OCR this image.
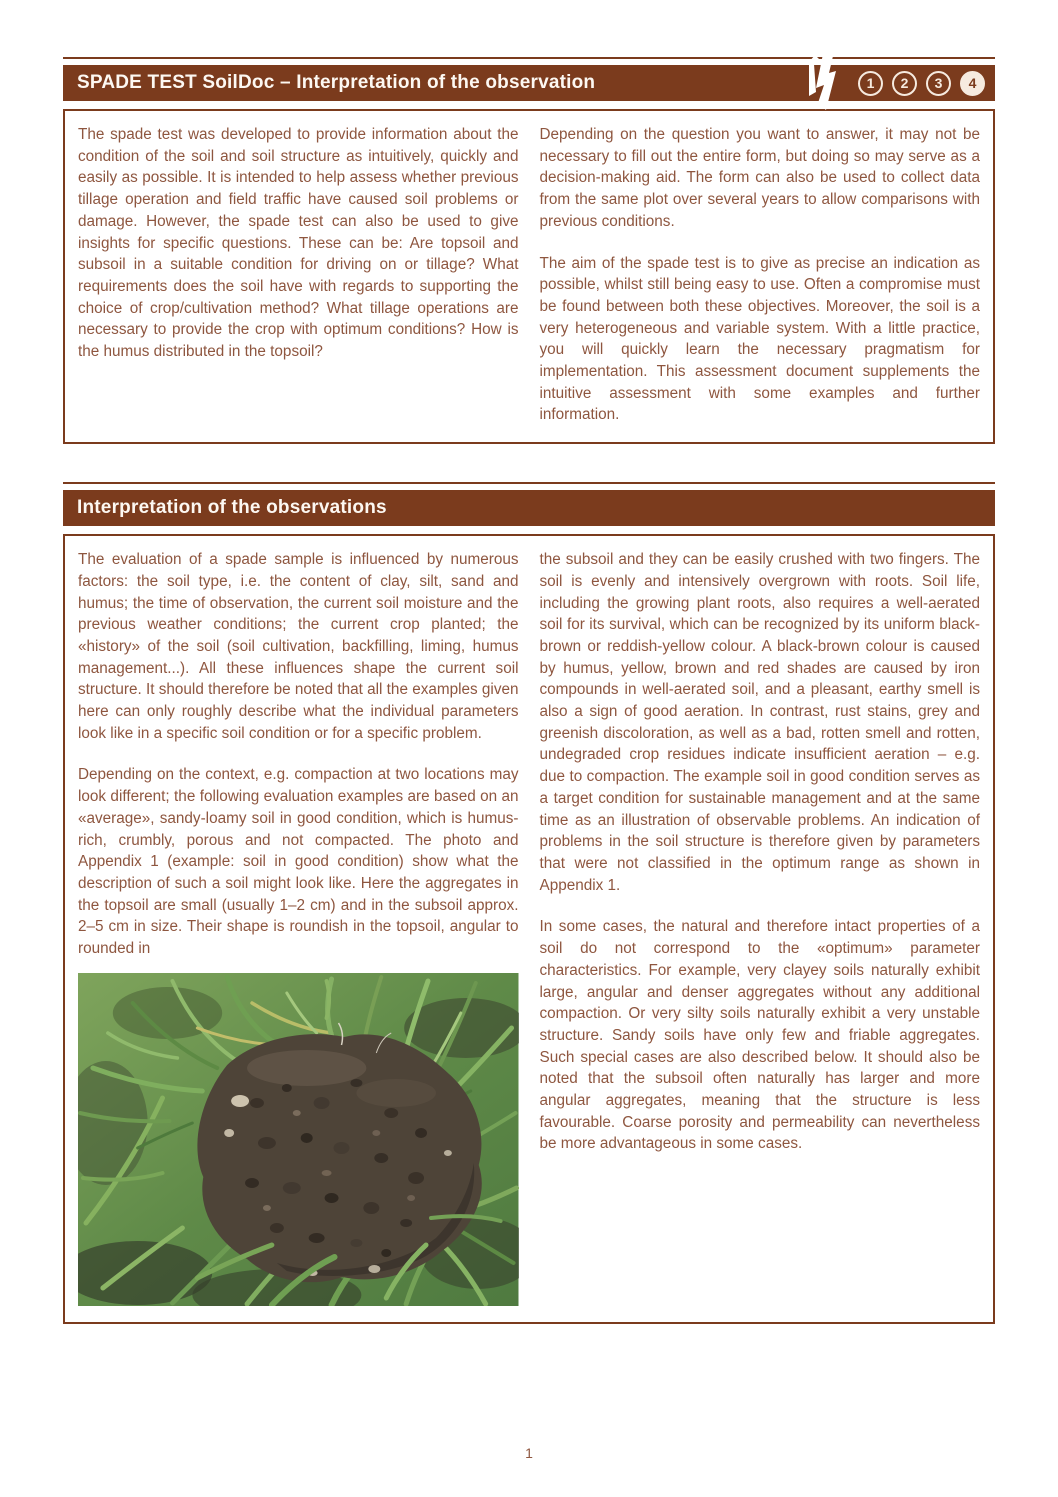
SPADE TEST SoilDoc – Interpretation of the observation	1	2	3	4

The spade test was developed to provide information about the condition of the soil and soil structure as intuitively, quickly and easily as possible. It is intended to help assess whether previous tillage operation and field traffic have caused soil problems or damage. However, the spade test can also be used to give insights for specific questions. These can be: Are topsoil and subsoil in a suitable condition for driving on or tillage? What requirements does the soil have with regards to supporting the choice of crop/cultivation method? What tillage operations are necessary to provide the crop with optimum conditions? How is the humus distributed in the topsoil?

Depending on the question you want to answer, it may not be necessary to fill out the entire form, but doing so may serve as a decision-making aid. The form can also be used to collect data from the same plot over several years to allow comparisons with previous conditions.

The aim of the spade test is to give as precise an indication as possible, whilst still being easy to use. Often a compromise must be found between both these objectives. Moreover, the soil is a very heterogeneous and variable system. With a little practice, you will quickly learn the necessary pragmatism for implementation. This assessment document supplements the intuitive assessment with some examples and further information.

Interpretation of the observations

The evaluation of a spade sample is influenced by numerous factors: the soil type, i.e. the content of clay, silt, sand and humus; the time of observation, the current soil moisture and the previous weather conditions; the current crop planted; the «history» of the soil (soil cultivation, backfilling, liming, humus management...). All these influences shape the current soil structure. It should therefore be noted that all the examples given here can only roughly describe what the individual parameters look like in a specific soil condition or for a specific problem.

Depending on the context, e.g. compaction at two locations may look different; the following evaluation examples are based on an «average», sandy-loamy soil in good condition, which is humus-rich, crumbly, porous and not compacted. The photo and Appendix 1 (example: soil in good condition) show what the description of such a soil might look like. Here the aggregates in the topsoil are small (usually 1–2 cm) and in the subsoil approx. 2–5 cm in size. Their shape is roundish in the topsoil, angular to rounded in

the subsoil and they can be easily crushed with two fingers. The soil is evenly and intensively overgrown with roots. Soil life, including the growing plant roots, also requires a well-aerated soil for its survival, which can be recognized by its uniform black-brown or reddish-yellow colour. A black-brown colour is caused by humus, yellow, brown and red shades are caused by iron compounds in well-aerated soil, and a pleasant, earthy smell is also a sign of good aeration. In contrast, rust stains, grey and greenish discoloration, as well as a bad, rotten smell and rotten, undegraded crop residues indicate insufficient aeration – e.g. due to compaction. The example soil in good condition serves as a target condition for sustainable management and at the same time as an illustration of observable problems. An indication of problems in the soil structure is therefore given by parameters that were not classified in the optimum range as shown in Appendix 1.

In some cases, the natural and therefore intact properties of a soil do not correspond to the «optimum» parameter characteristics. For example, very clayey soils naturally exhibit large, angular and denser aggregates without any additional compaction. Or very silty soils naturally exhibit a very unstable structure. Sandy soils have only few and friable aggregates. Such special cases are also described below. It should also be noted that the subsoil often naturally has larger and more angular aggregates, meaning that the structure is less favourable. Coarse porosity and permeability can nevertheless be more advantageous in some cases.

1
